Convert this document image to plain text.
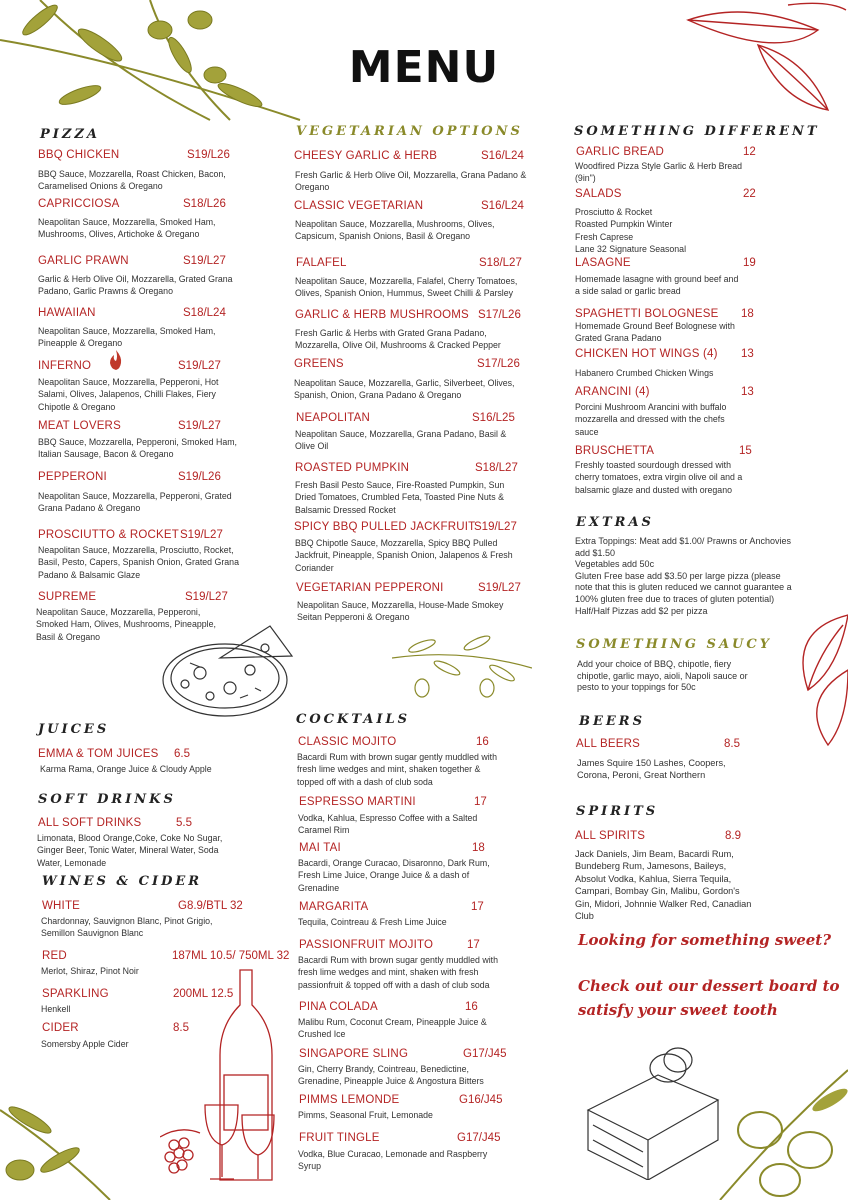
MENU
PIZZA
BBQ CHICKEN	S19/L26
BBQ Sauce, Mozzarella, Roast Chicken, Bacon,
Caramelised Onions & Oregano
CAPRICCIOSA	S18/L26
Neapolitan Sauce, Mozzarella, Smoked Ham,
Mushrooms, Olives, Artichoke & Oregano
GARLIC PRAWN	S19/L27
Garlic & Herb Olive Oil, Mozzarella, Grated Grana
Padano, Garlic Prawns & Oregano
HAWAIIAN	S18/L24
Neapolitan Sauce, Mozzarella, Smoked Ham,
Pineapple & Oregano
INFERNO	S19/L27
Neapolitan Sauce, Mozzarella, Pepperoni, Hot
Salami, Olives, Jalapenos, Chilli Flakes, Fiery
Chipotle & Oregano
MEAT LOVERS	S19/L27
BBQ Sauce, Mozzarella, Pepperoni, Smoked Ham,
Italian Sausage, Bacon & Oregano
PEPPERONI	S19/L26
Neapolitan Sauce, Mozzarella, Pepperoni, Grated
Grana Padano & Oregano
PROSCIUTTO & ROCKET S19/L27
Neapolitan Sauce, Mozzarella, Prosciutto, Rocket,
Basil, Pesto, Capers, Spanish Onion, Grated Grana
Padano & Balsamic Glaze
SUPREME	S19/L27
Neapolitan Sauce, Mozzarella, Pepperoni,
Smoked Ham, Olives, Mushrooms, Pineapple,
Basil & Oregano
VEGETARIAN OPTIONS
CHEESY GARLIC & HERB	S16/L24
Fresh Garlic & Herb Olive Oil, Mozzarella, Grana Padano &
Oregano
CLASSIC VEGETARIAN	S16/L24
Neapolitan Sauce, Mozzarella, Mushrooms, Olives,
Capsicum, Spanish Onions, Basil & Oregano
FALAFEL	S18/L27
Neapolitan Sauce, Mozzarella, Falafel, Cherry Tomatoes,
Olives, Spanish Onion, Hummus, Sweet Chilli & Parsley
GARLIC & HERB MUSHROOMS S17/L26
Fresh Garlic & Herbs with Grated Grana Padano,
Mozzarella, Olive Oil, Mushrooms & Cracked Pepper
GREENS	S17/L26
Neapolitan Sauce, Mozzarella, Garlic, Silverbeet, Olives,
Spanish, Onion, Grana Padano & Oregano
NEAPOLITAN	S16/L25
Neapolitan Sauce, Mozzarella, Grana Padano, Basil &
Olive Oil
ROASTED PUMPKIN	S18/L27
Fresh Basil Pesto Sauce, Fire-Roasted Pumpkin, Sun
Dried Tomatoes, Crumbled Feta, Toasted Pine Nuts &
Balsamic Dressed Rocket
SPICY BBQ PULLED JACKFRUIT
S19/L27
BBQ Chipotle Sauce, Mozzarella, Spicy BBQ Pulled
Jackfruit, Pineapple, Spanish Onion, Jalapenos & Fresh
Coriander
VEGETARIAN PEPPERONI	S19/L27
Neapolitan Sauce, Mozzarella, House-Made Smokey
Seitan Pepperoni & Oregano
SOMETHING DIFFERENT
GARLIC BREAD	12
Woodfired Pizza Style Garlic & Herb Bread
(9in")
SALADS	22
Prosciutto & Rocket
Roasted Pumpkin Winter
Fresh Caprese
Lane 32 Signature Seasonal
LASAGNE	19
Homemade lasagne with ground beef and
a side salad or garlic bread
SPAGHETTI BOLOGNESE 18
Homemade Ground Beef Bolognese with
Grated Grana Padano
CHICKEN HOT WINGS (4) 13
Habanero Crumbed Chicken Wings
ARANCINI (4)	13
Porcini Mushroom Arancini with buffalo
mozzarella and dressed with the chefs
sauce
BRUSCHETTA	15
Freshly toasted sourdough dressed with
cherry tomatoes, extra virgin olive oil and a
balsamic glaze and dusted with oregano
EXTRAS
Extra Toppings: Meat add $1.00/ Prawns or Anchovies
add $1.50
Vegetables add 50c
Gluten Free base add $3.50 per large pizza (please
note that this is gluten reduced we cannot guarantee a
100% gluten free due to traces of gluten potential)
Half/Half Pizzas add $2 per pizza
SOMETHING SAUCY
Add your choice of BBQ, chipotle, fiery
chipotle, garlic mayo, aioli, Napoli sauce or
pesto to your toppings for 50c
BEERS
ALL BEERS	8.5
James Squire 150 Lashes, Coopers,
Corona, Peroni, Great Northern
SPIRITS
ALL SPIRITS	8.9
Jack Daniels, Jim Beam, Bacardi Rum,
Bundeberg Rum, Jamesons, Baileys,
Absolut Vodka, Kahlua, Sierra Tequila,
Campari, Bombay Gin, Malibu, Gordon's
Gin, Midori, Johnnie Walker Red, Canadian
Club
Looking for something sweet?
Check out our dessert board to
satisfy your sweet tooth
JUICES
EMMA & TOM JUICES 6.5
Karma Rama, Orange Juice & Cloudy Apple
SOFT DRINKS
ALL SOFT DRINKS	5.5
Limonata, Blood Orange,Coke, Coke No Sugar,
Ginger Beer, Tonic Water, Mineral Water, Soda
Water, Lemonade
WINES & CIDER
WHITE	G8.9/BTL 32
Chardonnay, Sauvignon Blanc, Pinot Grigio,
Semillon Sauvignon Blanc
RED	187ML 10.5/ 750ML 32
Merlot, Shiraz, Pinot Noir
SPARKLING	200ML 12.5
Henkell
CIDER	8.5
Somersby Apple Cider
COCKTAILS
CLASSIC MOJITO	16
Bacardi Rum with brown sugar gently muddled with
fresh lime wedges and mint, shaken together &
topped off with a dash of club soda
ESPRESSO MARTINI	17
Vodka, Kahlua, Espresso Coffee with a Salted
Caramel Rim
MAI TAI	18
Bacardi, Orange Curacao, Disaronno, Dark Rum,
Fresh Lime Juice, Orange Juice & a dash of
Grenadine
MARGARITA	17
Tequila, Cointreau & Fresh Lime Juice
PASSIONFRUIT MOJITO	17
Bacardi Rum with brown sugar gently muddled with
fresh lime wedges and mint, shaken with fresh
passionfruit & topped off with a dash of club soda
PINA COLADA	16
Malibu Rum, Coconut Cream, Pineapple Juice &
Crushed Ice
SINGAPORE SLING	G17/J45
Gin, Cherry Brandy, Cointreau, Benedictine,
Grenadine, Pineapple Juice & Angostura Bitters
PIMMS LEMONDE	G16/J45
Pimms, Seasonal Fruit, Lemonade
FRUIT TINGLE	G17/J45
Vodka, Blue Curacao, Lemonade and Raspberry
Syrup
